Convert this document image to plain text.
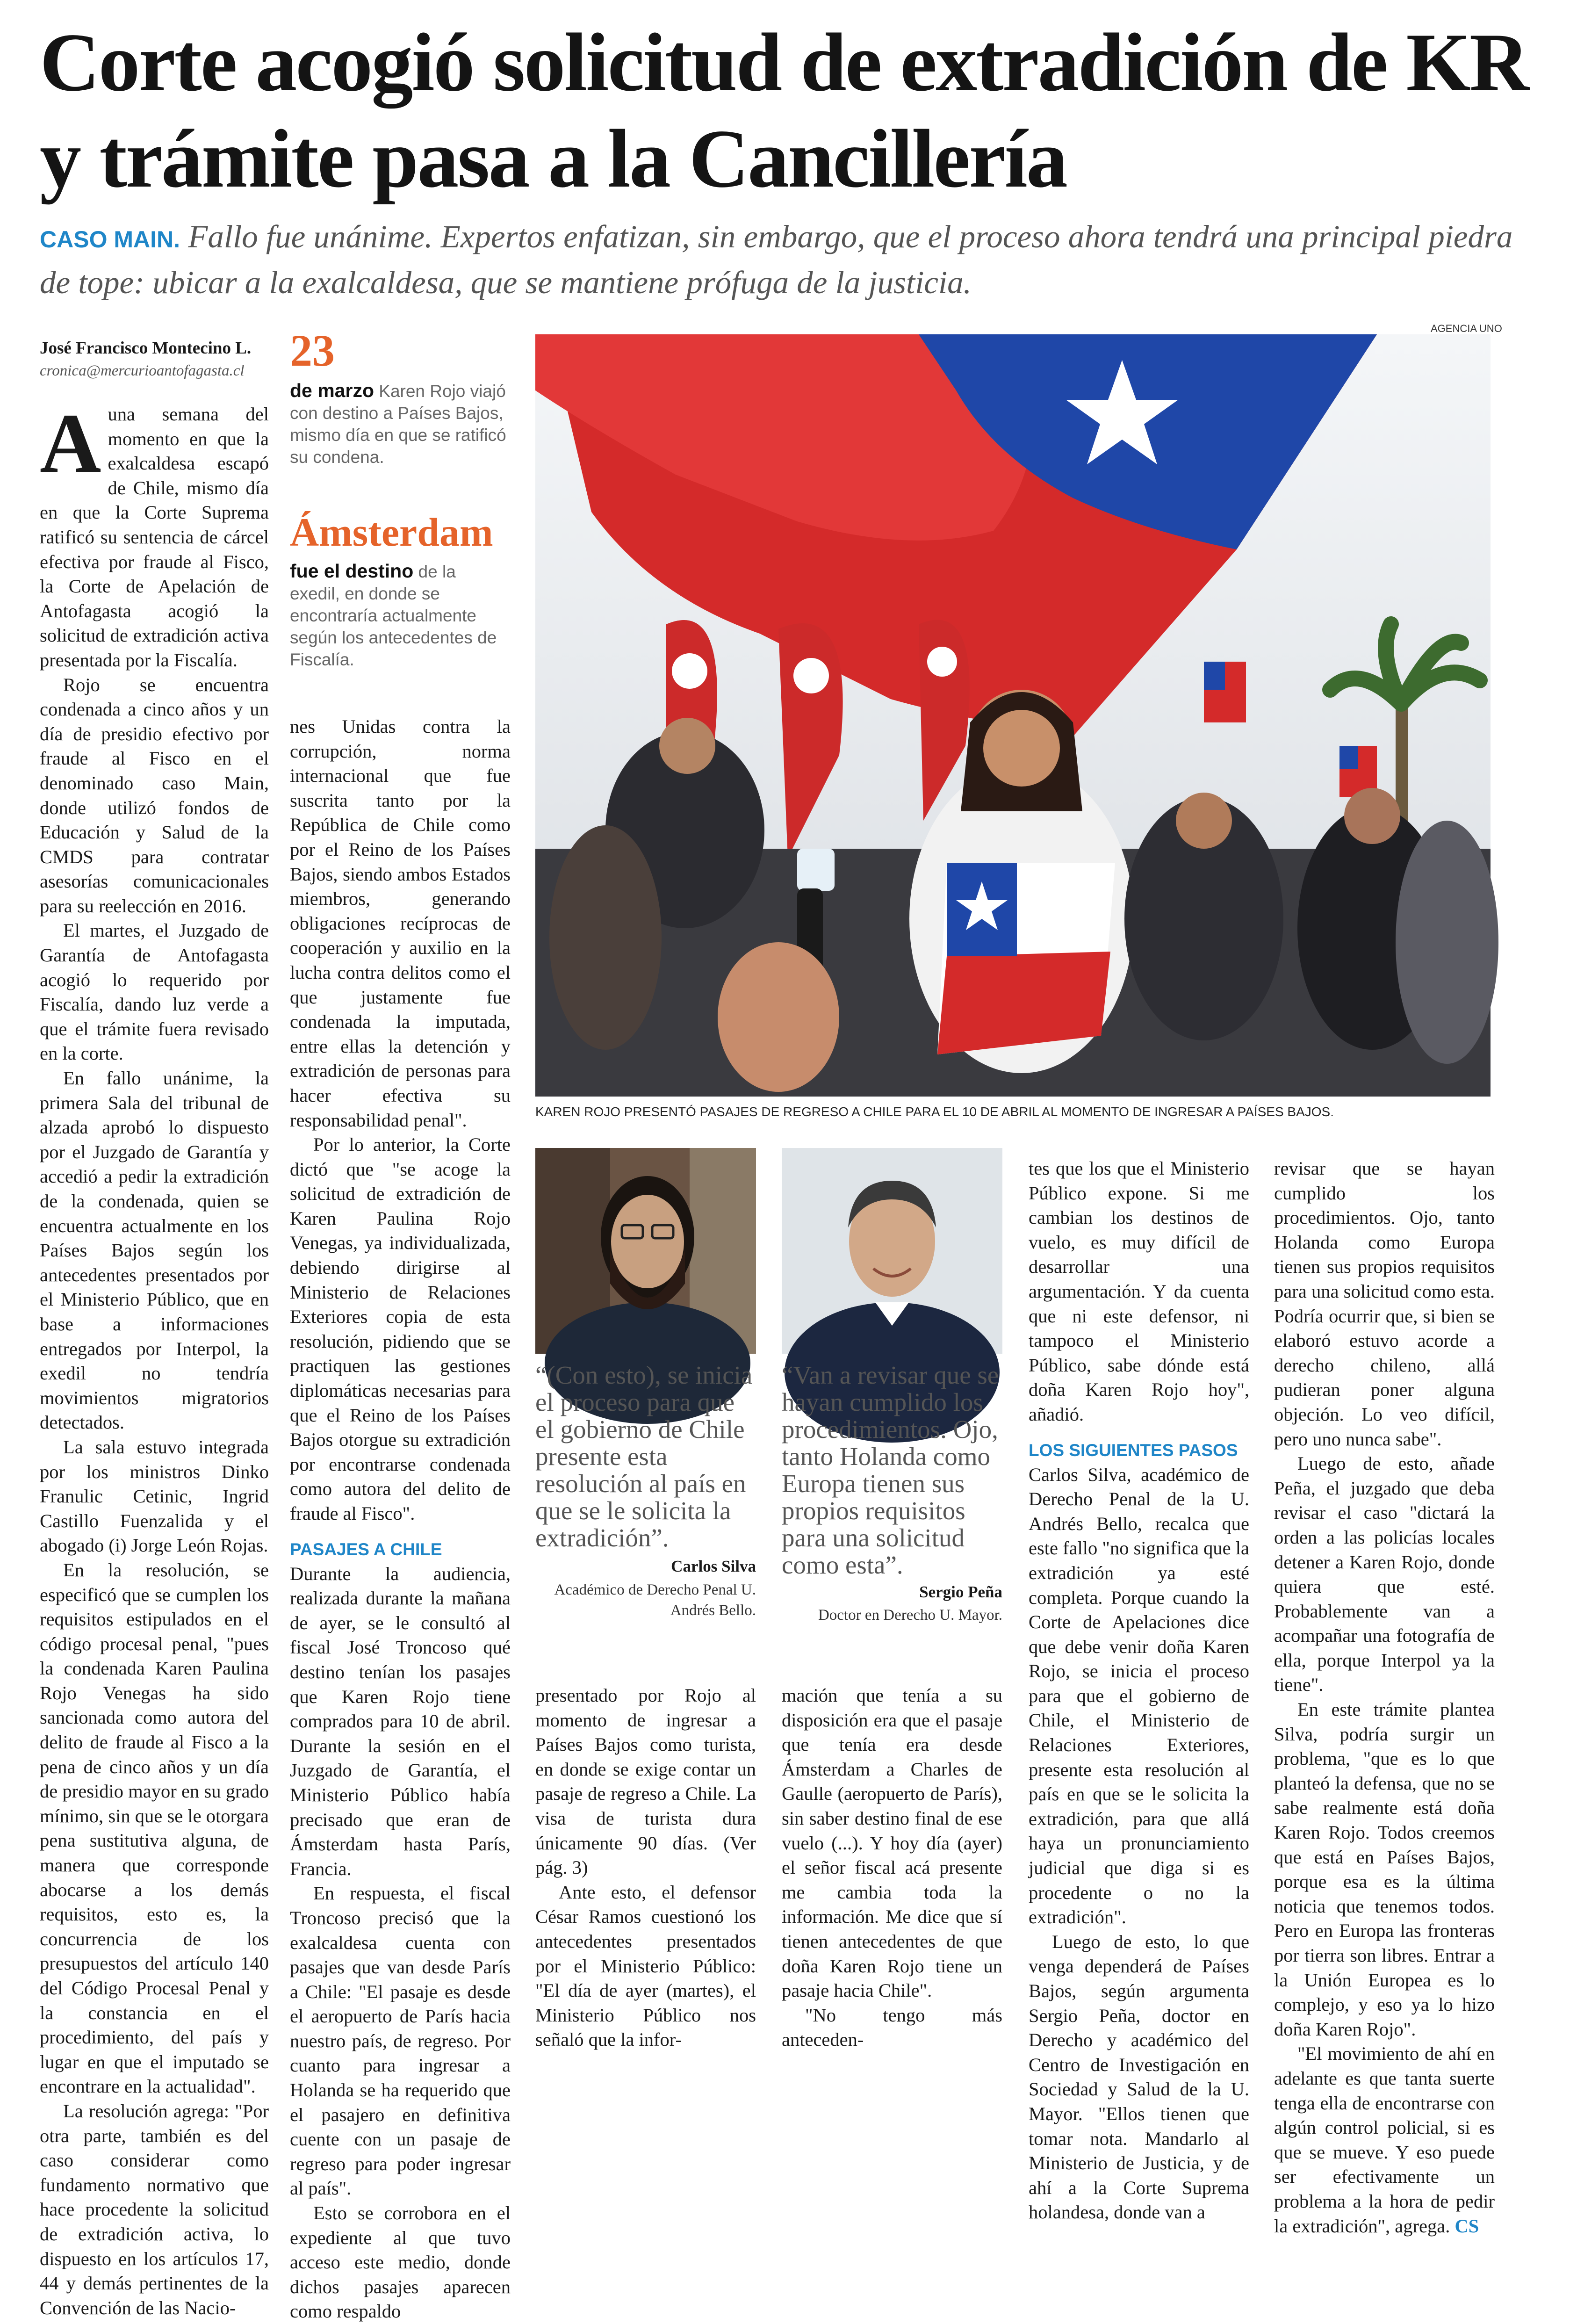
Corte acogió solicitud de extradición de KR y trámite pasa a la Cancillería
CASO MAIN. Fallo fue unánime. Expertos enfatizan, sin embargo, que el proceso ahora tendrá una principal piedra de tope: ubicar a la exalcaldesa, que se mantiene prófuga de la justicia.
José Francisco Montecino L.
cronica@mercurioantofagasta.cl

Auna semana del momento en que la exalcaldesa escapó de Chile, mismo día en que la Corte Suprema ratificó su sentencia de cárcel efectiva por fraude al Fisco, la Corte de Apelación de Antofagasta acogió la solicitud de extradición activa presentada por la Fiscalía.

Rojo se encuentra condenada a cinco años y un día de presidio efectivo por fraude al Fisco en el denominado caso Main, donde utilizó fondos de Educación y Salud de la CMDS para contratar asesorías comunicacionales para su reelección en 2016.

El martes, el Juzgado de Garantía de Antofagasta acogió lo requerido por Fiscalía, dando luz verde a que el trámite fuera revisado en la corte.

En fallo unánime, la primera Sala del tribunal de alzada aprobó lo dispuesto por el Juzgado de Garantía y accedió a pedir la extradición de la condenada, quien se encuentra actualmente en los Países Bajos según los antecedentes presentados por el Ministerio Público, que en base a informaciones entregados por Interpol, la exedil no tendría movimientos migratorios detectados.

La sala estuvo integrada por los ministros Dinko Franulic Cetinic, Ingrid Castillo Fuenzalida y el abogado (i) Jorge León Rojas.

En la resolución, se especificó que se cumplen los requisitos estipulados en el código procesal penal, "pues la condenada Karen Paulina Rojo Venegas ha sido sancionada como autora del delito de fraude al Fisco a la pena de cinco años y un día de presidio mayor en su grado mínimo, sin que se le otorgara pena sustitutiva alguna, de manera que corresponde abocarse a los demás requisitos, esto es, la concurrencia de los presupuestos del artículo 140 del Código Procesal Penal y la constancia en el procedimiento, del país y lugar en que el imputado se encontrare en la actualidad".

La resolución agrega: "Por otra parte, también es del caso considerar como fundamento normativo que hace procedente la solicitud de extradición activa, lo dispuesto en los artículos 17, 44 y demás pertinentes de la Convención de las Nacio-

23
de marzo Karen Rojo viajó con destino a Países Bajos, mismo día en que se ratificó su condena.
Ámsterdam
fue el destino de la exedil, en donde se encontraría actualmente según los antecedentes de Fiscalía.

nes Unidas contra la corrupción, norma internacional que fue suscrita tanto por la República de Chile como por el Reino de los Países Bajos, siendo ambos Estados miembros, generando obligaciones recíprocas de cooperación y auxilio en la lucha contra delitos como el que justamente fue condenada la imputada, entre ellas la detención y extradición de personas para hacer efectiva su responsabilidad penal".

Por lo anterior, la Corte dictó que "se acoge la solicitud de extradición de Karen Paulina Rojo Venegas, ya individualizada, debiendo dirigirse al Ministerio de Relaciones Exteriores copia de esta resolución, pidiendo que se practiquen las gestiones diplomáticas necesarias para que el Reino de los Países Bajos otorgue su extradición por encontrarse condenada como autora del delito de fraude al Fisco".

PASAJES A CHILE

Durante la audiencia, realizada durante la mañana de ayer, se le consultó al fiscal José Troncoso qué destino tenían los pasajes que Karen Rojo tiene comprados para 10 de abril. Durante la sesión en el Juzgado de Garantía, el Ministerio Público había precisado que eran de Ámsterdam hasta París, Francia.

En respuesta, el fiscal Troncoso precisó que la exalcaldesa cuenta con pasajes que van desde París a Chile: "El pasaje es desde el aeropuerto de París hacia nuestro país, de regreso. Por cuanto para ingresar a Holanda se ha requerido que el pasajero en definitiva cuente con un pasaje de regreso para poder ingresar al país".

Esto se corrobora en el expediente al que tuvo acceso este medio, donde dichos pasajes aparecen como respaldo

AGENCIA UNO
KAREN ROJO PRESENTÓ PASAJES DE REGRESO A CHILE PARA EL 10 DE ABRIL AL MOMENTO DE INGRESAR A PAÍSES BAJOS.
“(Con esto), se inicia el proceso para que el gobierno de Chile presente esta resolución al país en que se le solicita la extradición”.
Carlos Silva
Académico de Derecho Penal U. Andrés Bello.
“Van a revisar que se hayan cumplido los procedimientos. Ojo, tanto Holanda como Europa tienen sus propios requisitos para una solicitud como esta”.
Sergio Peña
Doctor en Derecho U. Mayor.

presentado por Rojo al momento de ingresar a Países Bajos como turista, en donde se exige contar un pasaje de regreso a Chile. La visa de turista dura únicamente 90 días. (Ver pág. 3)

Ante esto, el defensor César Ramos cuestionó los antecedentes presentados por el Ministerio Público: "El día de ayer (martes), el Ministerio Público nos señaló que la infor-

mación que tenía a su disposición era que el pasaje que tenía era desde Ámsterdam a Charles de Gaulle (aeropuerto de París), sin saber destino final de ese vuelo (...). Y hoy día (ayer) el señor fiscal acá presente me cambia toda la información. Me dice que sí tienen antecedentes de que doña Karen Rojo tiene un pasaje hacia Chile".

"No tengo más anteceden-

tes que los que el Ministerio Público expone. Si me cambian los destinos de vuelo, es muy difícil de desarrollar una argumentación. Y da cuenta que ni este defensor, ni tampoco el Ministerio Público, sabe dónde está doña Karen Rojo hoy", añadió.

LOS SIGUIENTES PASOS

Carlos Silva, académico de Derecho Penal de la U. Andrés Bello, recalca que este fallo "no significa que la extradición ya esté completa. Porque cuando la Corte de Apelaciones dice que debe venir doña Karen Rojo, se inicia el proceso para que el gobierno de Chile, el Ministerio de Relaciones Exteriores, presente esta resolución al país en que se le solicita la extradición, para que allá haya un pronunciamiento judicial que diga si es procedente o no la extradición".

Luego de esto, lo que venga dependerá de Países Bajos, según argumenta Sergio Peña, doctor en Derecho y académico del Centro de Investigación en Sociedad y Salud de la U. Mayor. "Ellos tienen que tomar nota. Mandarlo al Ministerio de Justicia, y de ahí a la Corte Suprema holandesa, donde van a

revisar que se hayan cumplido los procedimientos. Ojo, tanto Holanda como Europa tienen sus propios requisitos para una solicitud como esta. Podría ocurrir que, si bien se elaboró estuvo acorde a derecho chileno, allá pudieran poner alguna objeción. Lo veo difícil, pero uno nunca sabe".

Luego de esto, añade Peña, el juzgado que deba revisar el caso "dictará la orden a las policías locales detener a Karen Rojo, donde quiera que esté. Probablemente van a acompañar una fotografía de ella, porque Interpol ya la tiene".

En este trámite plantea Silva, podría surgir un problema, "que es lo que planteó la defensa, que no se sabe realmente está doña Karen Rojo. Todos creemos que está en Países Bajos, porque esa es la última noticia que tenemos todos. Pero en Europa las fronteras por tierra son libres. Entrar a la Unión Europea es lo complejo, y eso ya lo hizo doña Karen Rojo".

"El movimiento de ahí en adelante es que tanta suerte tenga ella de encontrarse con algún control policial, si es que se mueve. Y eso puede ser efectivamente un problema a la hora de pedir la extradición", agrega. CS
